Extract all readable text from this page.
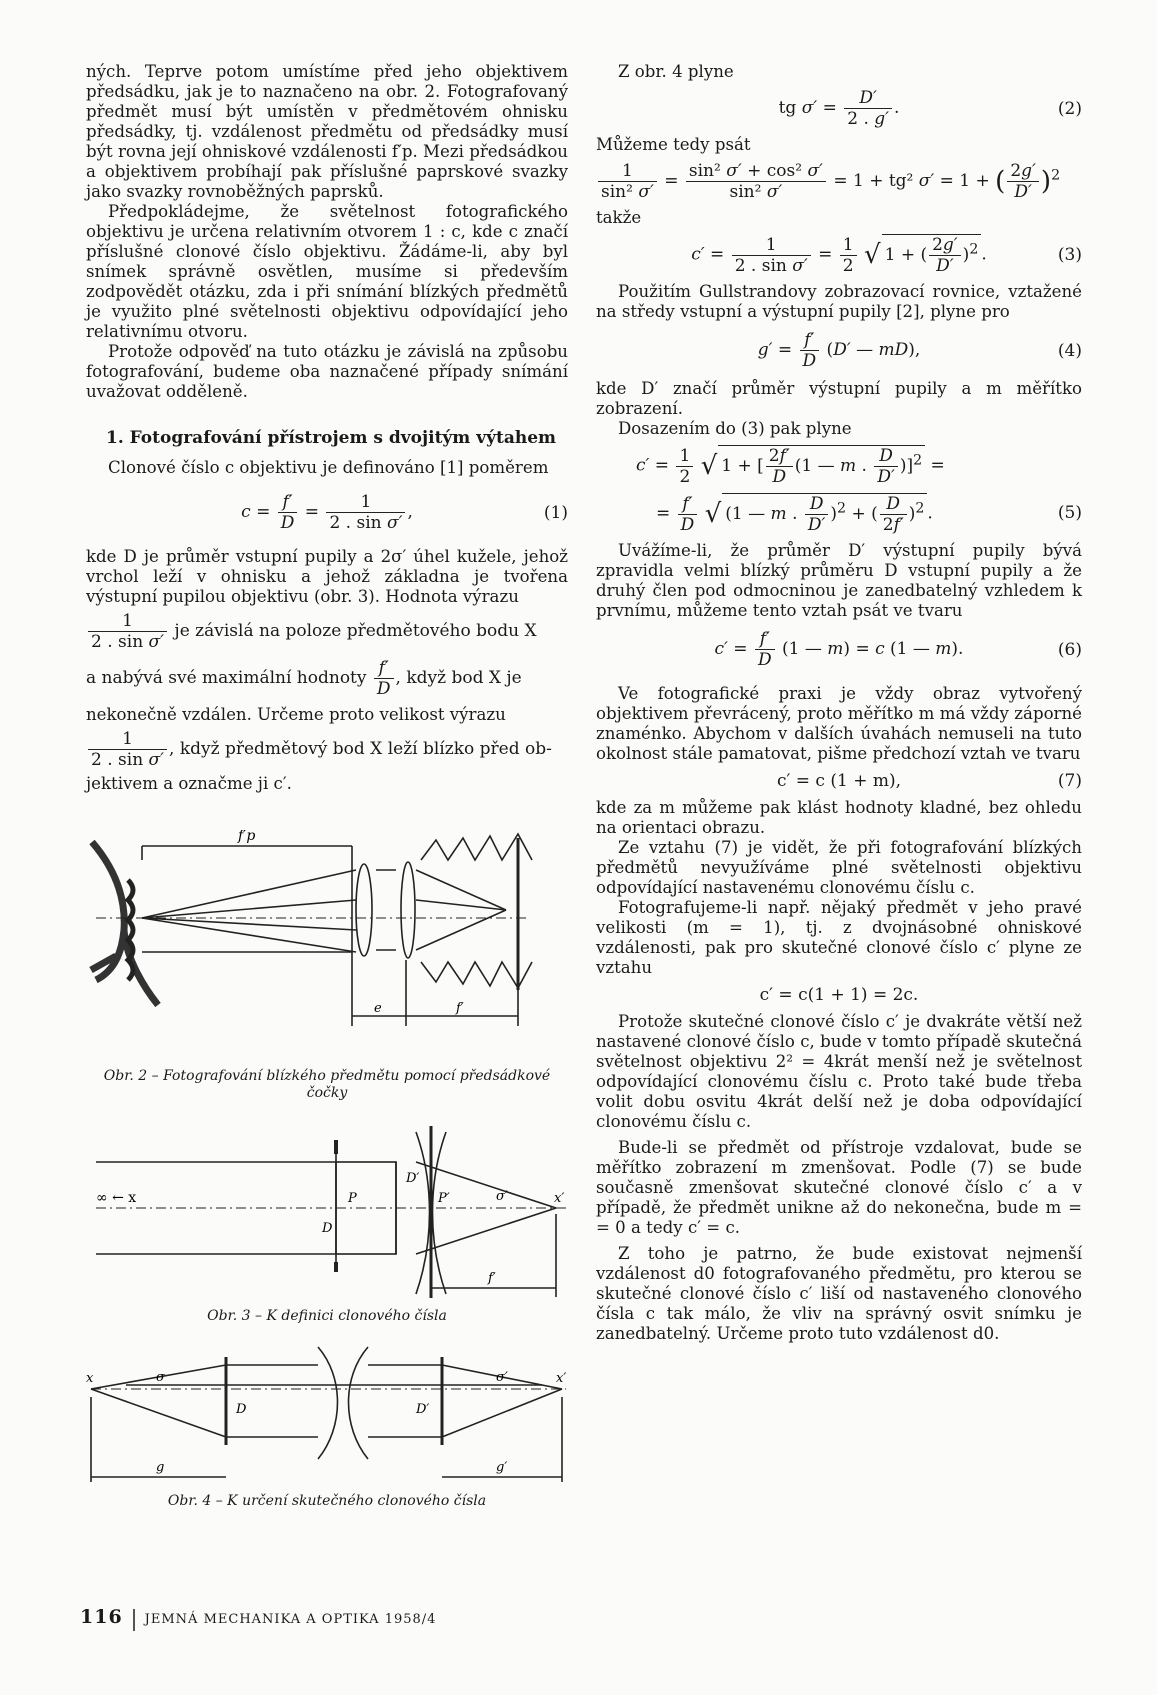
ných. Teprve potom umístíme před jeho objektivem předsádku, jak je to naznačeno na obr. 2. Fotografovaný předmět musí být umístěn v předmětovém ohnisku předsádky, tj. vzdálenost předmětu od předsádky musí být rovna její ohniskové vzdálenosti f′p. Mezi předsádkou a objektivem probíhají pak příslušné paprskové svazky jako svazky rovnoběžných paprsků.

Předpokládejme, že světelnost fotografického objektivu je určena relativním otvorem 1 : c, kde c značí příslušné clonové číslo objektivu. Žádáme-li, aby byl snímek správně osvětlen, musíme si především zodpovědět otázku, zda i při snímání blízkých předmětů je využito plné světelnosti objektivu odpovídající jeho relativnímu otvoru.

Protože odpověď na tuto otázku je závislá na způsobu fotografování, budeme oba naznačené případy snímání uvažovat odděleně.

1. Fotografování přístrojem s dvojitým výtahem

Clonové číslo c objektivu je definováno [1] poměrem

$c = \frac{f'}{D} = \frac{1}{\text{2 . sin σ′}}$ ,	(1)

kde D je průměr vstupní pupily a 2σ′ úhel kužele, jehož vrchol leží v ohnisku a jehož základna je tvořena výstupní pupilou objektivu (obr. 3). Hodnota výrazu

$\frac{1}{\text{2 . sin σ′}}$ je závislá na poloze předmětového bodu X
a nabývá své maximální hodnoty $\frac{f'}{D}$ , když bod X je

nekonečně vzdálen. Určeme proto velikost výrazu

$\frac{1}{\text{2 . sin σ′}}$ , když předmětový bod X leží blízko před ob-

jektivem a označme ji c′.

f′p
e	f′
Obr. 2 – Fotografování blízkého předmětu pomocí předsádkové čočky
∞ ← x	P	P′
D
D′
σ′	x′
f′
Obr. 3 – K definici clonového čísla
x	x′
σ
D	D′
σ′
g	g′
Obr. 4 – K určení skutečného clonového čísla

Z obr. 4 plyne

tg $\sigma' = \frac{D'}{2 . g'}$ .	(2)

Můžeme tedy psát

$\frac{1}{\text{sin² σ′}} = \frac{\text{sin² σ′ + cos² σ′}}{\text{sin² σ′}} = 1 + tg^2$ σ′ = 1 + ( $\frac{2g'}{D'} )^2$

takže

$c' = \frac{1}{\text{2 . sin σ′}} = \frac{1}{2}$ √ 1 + ( $\frac{2g'}{D'} )^2$ .	(3)

Použitím Gullstrandovy zobrazovací rovnice, vztažené na středy vstupní a výstupní pupily [2], plyne pro

$g' = \frac{f'}{D} (D'$ — mD),	(4)

kde D′ značí průměr výstupní pupily a m měřítko zobrazení.

Dosazením do (3) pak plyne

$c' = \frac{1}{2}$ √ 1 + [ $\frac{2f'}{D} (1$ — m . $\frac{D}{D'} )]^2$ =
= $\frac{f'}{D}$ √ (1 — m . $\frac{D}{D'} )^2$ + ( $\frac{D}{2f'} )^2$ .	(5)

Uvážíme-li, že průměr D′ výstupní pupily bývá zpravidla velmi blízký průměru D vstupní pupily a že druhý člen pod odmocninou je zanedbatelný vzhledem k prvnímu, můžeme tento vztah psát ve tvaru

$c' = \frac{f'}{D} (1$ — m) = c (1 — m).	(6)

Ve fotografické praxi je vždy obraz vytvořený objektivem převrácený, proto měřítko m má vždy záporné znaménko. Abychom v dalších úvahách nemuseli na tuto okolnost stále pamatovat, pišme předchozí vztah ve tvaru

c′ = c (1 + m),	(7)

kde za m můžeme pak klást hodnoty kladné, bez ohledu na orientaci obrazu.

Ze vztahu (7) je vidět, že při fotografování blízkých předmětů nevyužíváme plné světelnosti objektivu odpovídající nastavenému clonovému číslu c.

Fotografujeme-li např. nějaký předmět v jeho pravé velikosti (m = 1), tj. z dvojnásobné ohniskové vzdálenosti, pak pro skutečné clonové číslo c′ plyne ze vztahu

c′ = c(1 + 1) = 2c.

Protože skutečné clonové číslo c′ je dvakráte větší než nastavené clonové číslo c, bude v tomto případě skutečná světelnost objektivu 2² = 4krát menší než je světelnost odpovídající clonovému číslu c. Proto také bude třeba volit dobu osvitu 4krát delší než je doba odpovídající clonovému číslu c.

Bude-li se předmět od přístroje vzdalovat, bude se měřítko zobrazení m zmenšovat. Podle (7) se bude současně zmenšovat skutečné clonové číslo c′ a v případě, že předmět unikne až do nekonečna, bude m = = 0 a tedy c′ = c.

Z toho je patrno, že bude existovat nejmenší vzdálenost d0 fotografovaného předmětu, pro kterou se skutečné clonové číslo c′ liší od nastaveného clonového čísla c tak málo, že vliv na správný osvit snímku je zanedbatelný. Určeme proto tuto vzdálenost d0.

116 JEMNÁ MECHANIKA A OPTIKA 1958/4
